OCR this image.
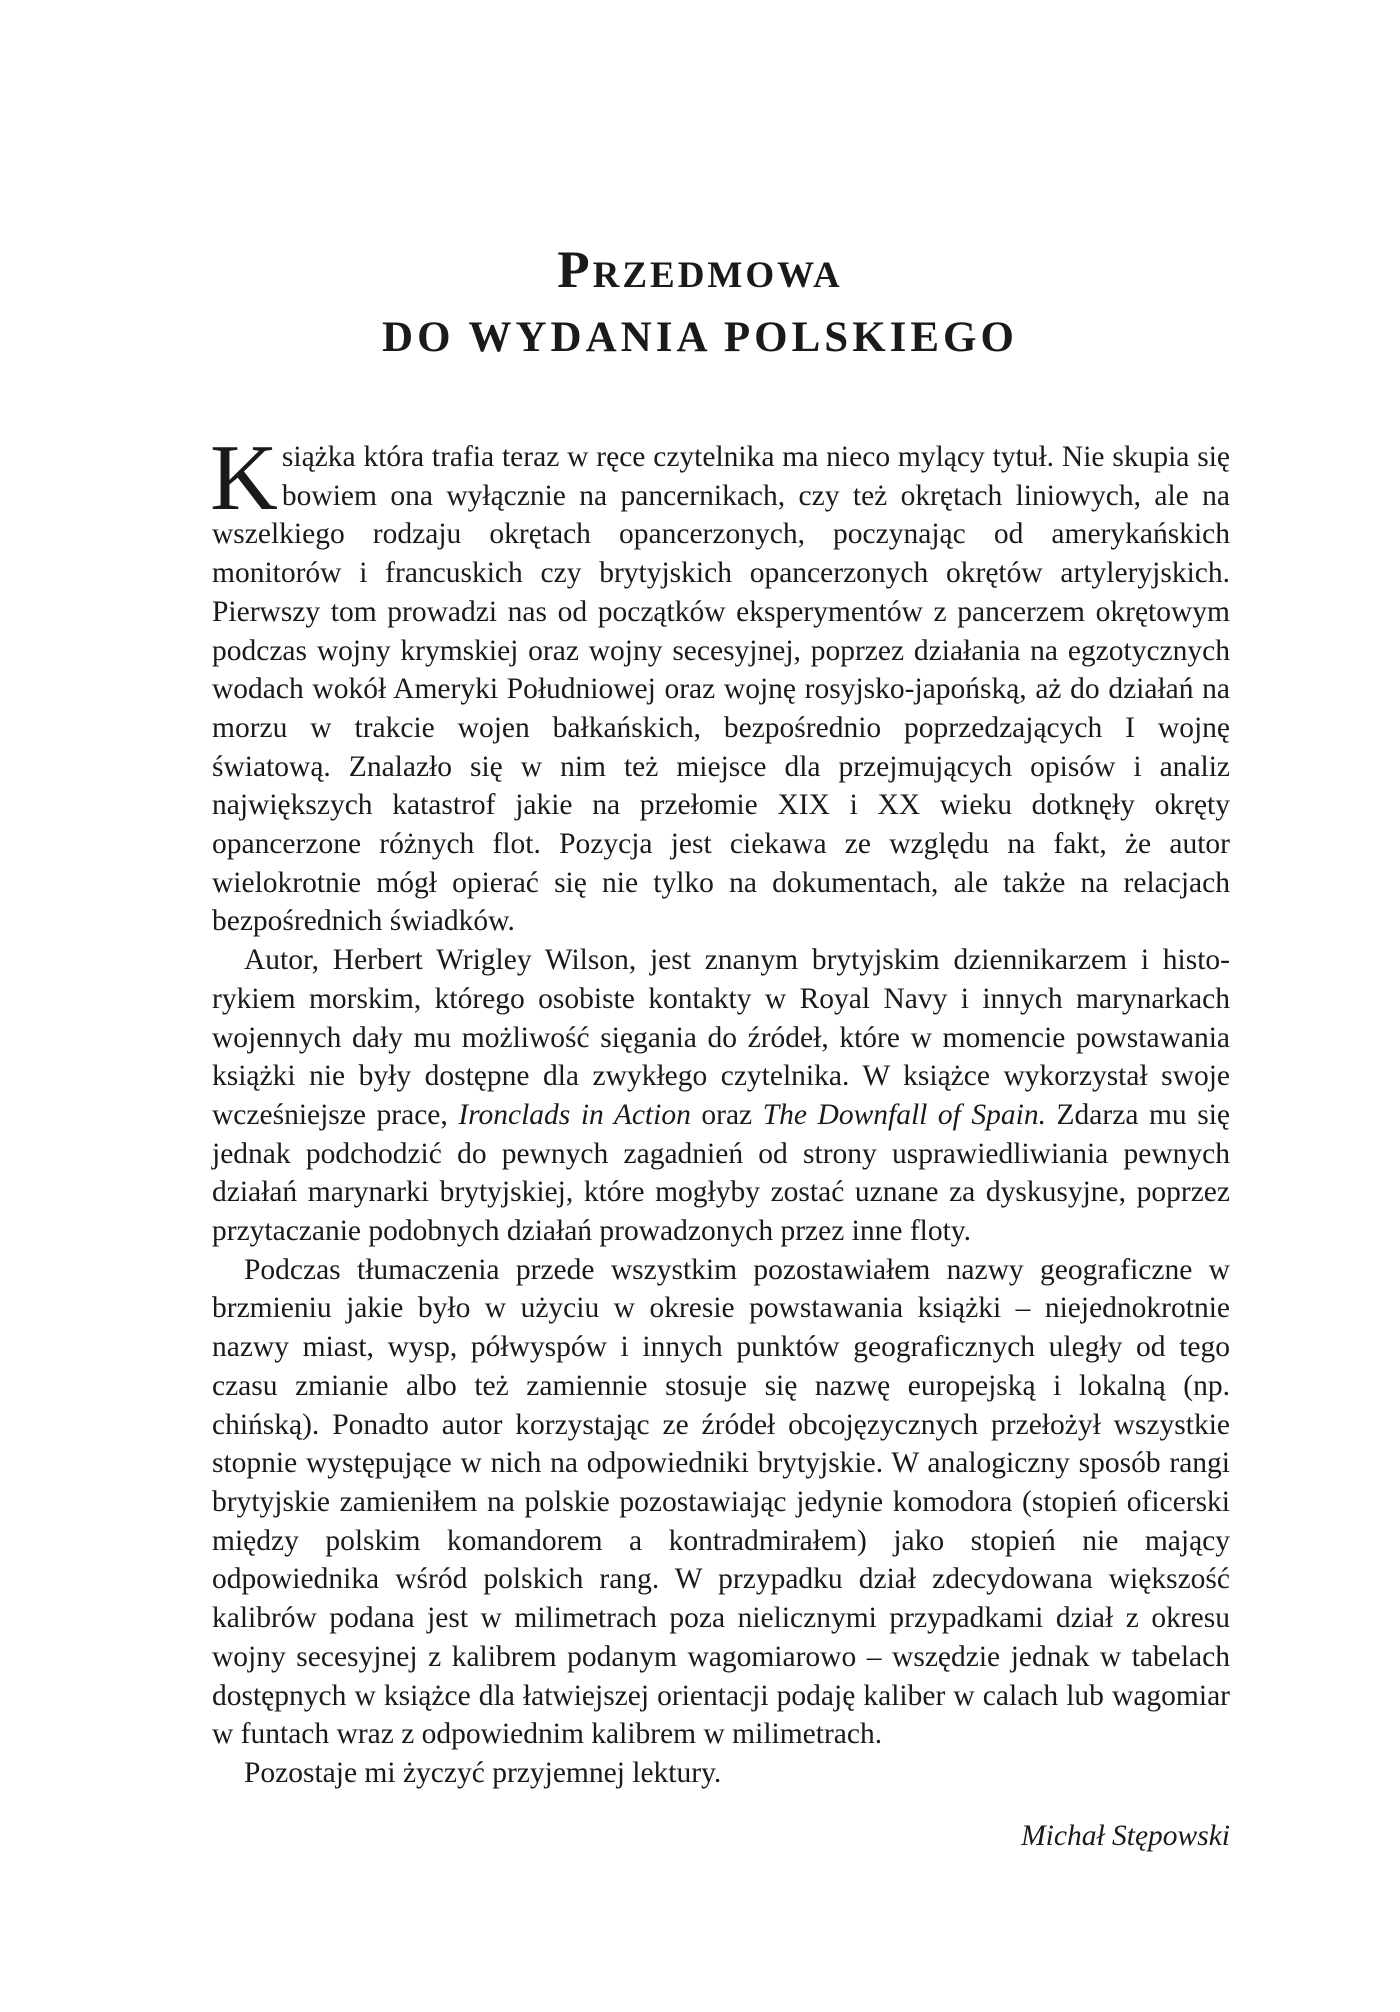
Przedmowa
DO WYDANIA POLSKIEGO

Książka która trafia teraz w ręce czytelnika ma nieco mylący tytuł. Nie skupia się bowiem ona wyłącznie na pancernikach, czy też okrętach liniowych, ale na wszelkiego rodzaju okrętach opancerzonych, poczynając od amerykańskich monitorów i francuskich czy brytyjskich opancerzonych okrętów artyleryjskich. Pierwszy tom prowadzi nas od początków eksperymentów z pancerzem okrętowym podczas wojny krymskiej oraz wojny secesyjnej, poprzez działania na egzotycznych wodach wokół Ameryki Południowej oraz wojnę rosyjsko-japońską, aż do działań na morzu w trakcie wojen bałkańskich, bezpośrednio poprzedzających I wojnę światową. Znalazło się w nim też miejsce dla przejmujących opisów i analiz największych katastrof jakie na przełomie XIX i XX wieku dotknęły okręty opancerzone różnych flot. Pozycja jest ciekawa ze względu na fakt, że autor wielokrotnie mógł opierać się nie tylko na dokumentach, ale także na relacjach bezpośrednich świadków.

Autor, Herbert Wrigley Wilson, jest znanym brytyjskim dziennikarzem i historykiem morskim, którego osobiste kontakty w Royal Navy i innych marynarkach wojennych dały mu możliwość sięgania do źródeł, które w momencie powstawania książki nie były dostępne dla zwykłego czytelnika. W książce wykorzystał swoje wcześniejsze prace, Ironclads in Action oraz The Downfall of Spain. Zdarza mu się jednak podchodzić do pewnych zagadnień od strony usprawiedliwiania pewnych działań marynarki brytyjskiej, które mogłyby zostać uznane za dyskusyjne, poprzez przytaczanie podobnych działań prowadzonych przez inne floty.

Podczas tłumaczenia przede wszystkim pozostawiałem nazwy geograficzne w brzmieniu jakie było w użyciu w okresie powstawania książki – niejednokrotnie nazwy miast, wysp, półwyspów i innych punktów geograficznych uległy od tego czasu zmianie albo też zamiennie stosuje się nazwę europejską i lokalną (np. chińską). Ponadto autor korzystając ze źródeł obcojęzycznych przełożył wszystkie stopnie występujące w nich na odpowiedniki brytyjskie. W analogiczny sposób rangi brytyjskie zamieniłem na polskie pozostawiając jedynie komodora (stopień oficerski między polskim komandorem a kontradmirałem) jako stopień nie mający odpowiednika wśród polskich rang. W przypadku dział zdecydowana większość kalibrów podana jest w milimetrach poza nielicznymi przypadkami dział z okresu wojny secesyjnej z kalibrem podanym wagomiarowo – wszędzie jednak w tabelach dostępnych w książce dla łatwiejszej orientacji podaję kaliber w calach lub wagomiar w funtach wraz z odpowiednim kalibrem w milimetrach.

Pozostaje mi życzyć przyjemnej lektury.

Michał Stępowski
